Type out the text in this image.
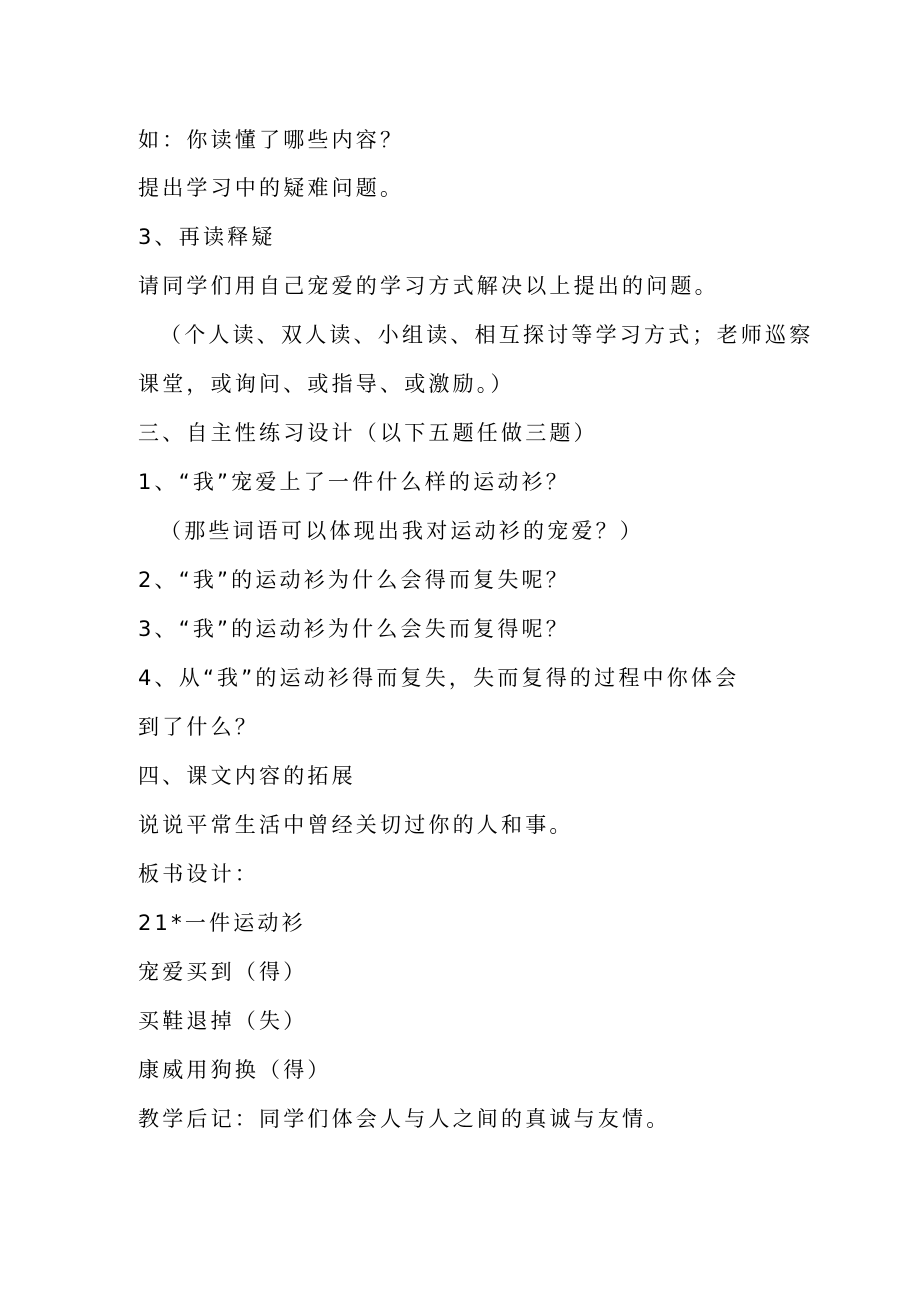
如：你读懂了哪些内容？
提出学习中的疑难问题。
3、再读释疑
请同学们用自己宠爱的学习方式解决以上提出的问题。
（个人读、双人读、小组读、相互探讨等学习方式；老师巡察
课堂，或询问、或指导、或激励。）
三、自主性练习设计（以下五题任做三题）
1、“我”宠爱上了一件什么样的运动衫？
（那些词语可以体现出我对运动衫的宠爱？）
2、“我”的运动衫为什么会得而复失呢？
3、“我”的运动衫为什么会失而复得呢？
4、从“我”的运动衫得而复失，失而复得的过程中你体会
到了什么？
四、课文内容的拓展
说说平常生活中曾经关切过你的人和事。
板书设计：
21*一件运动衫
宠爱买到（得）
买鞋退掉（失）
康威用狗换（得）
教学后记：同学们体会人与人之间的真诚与友情。
